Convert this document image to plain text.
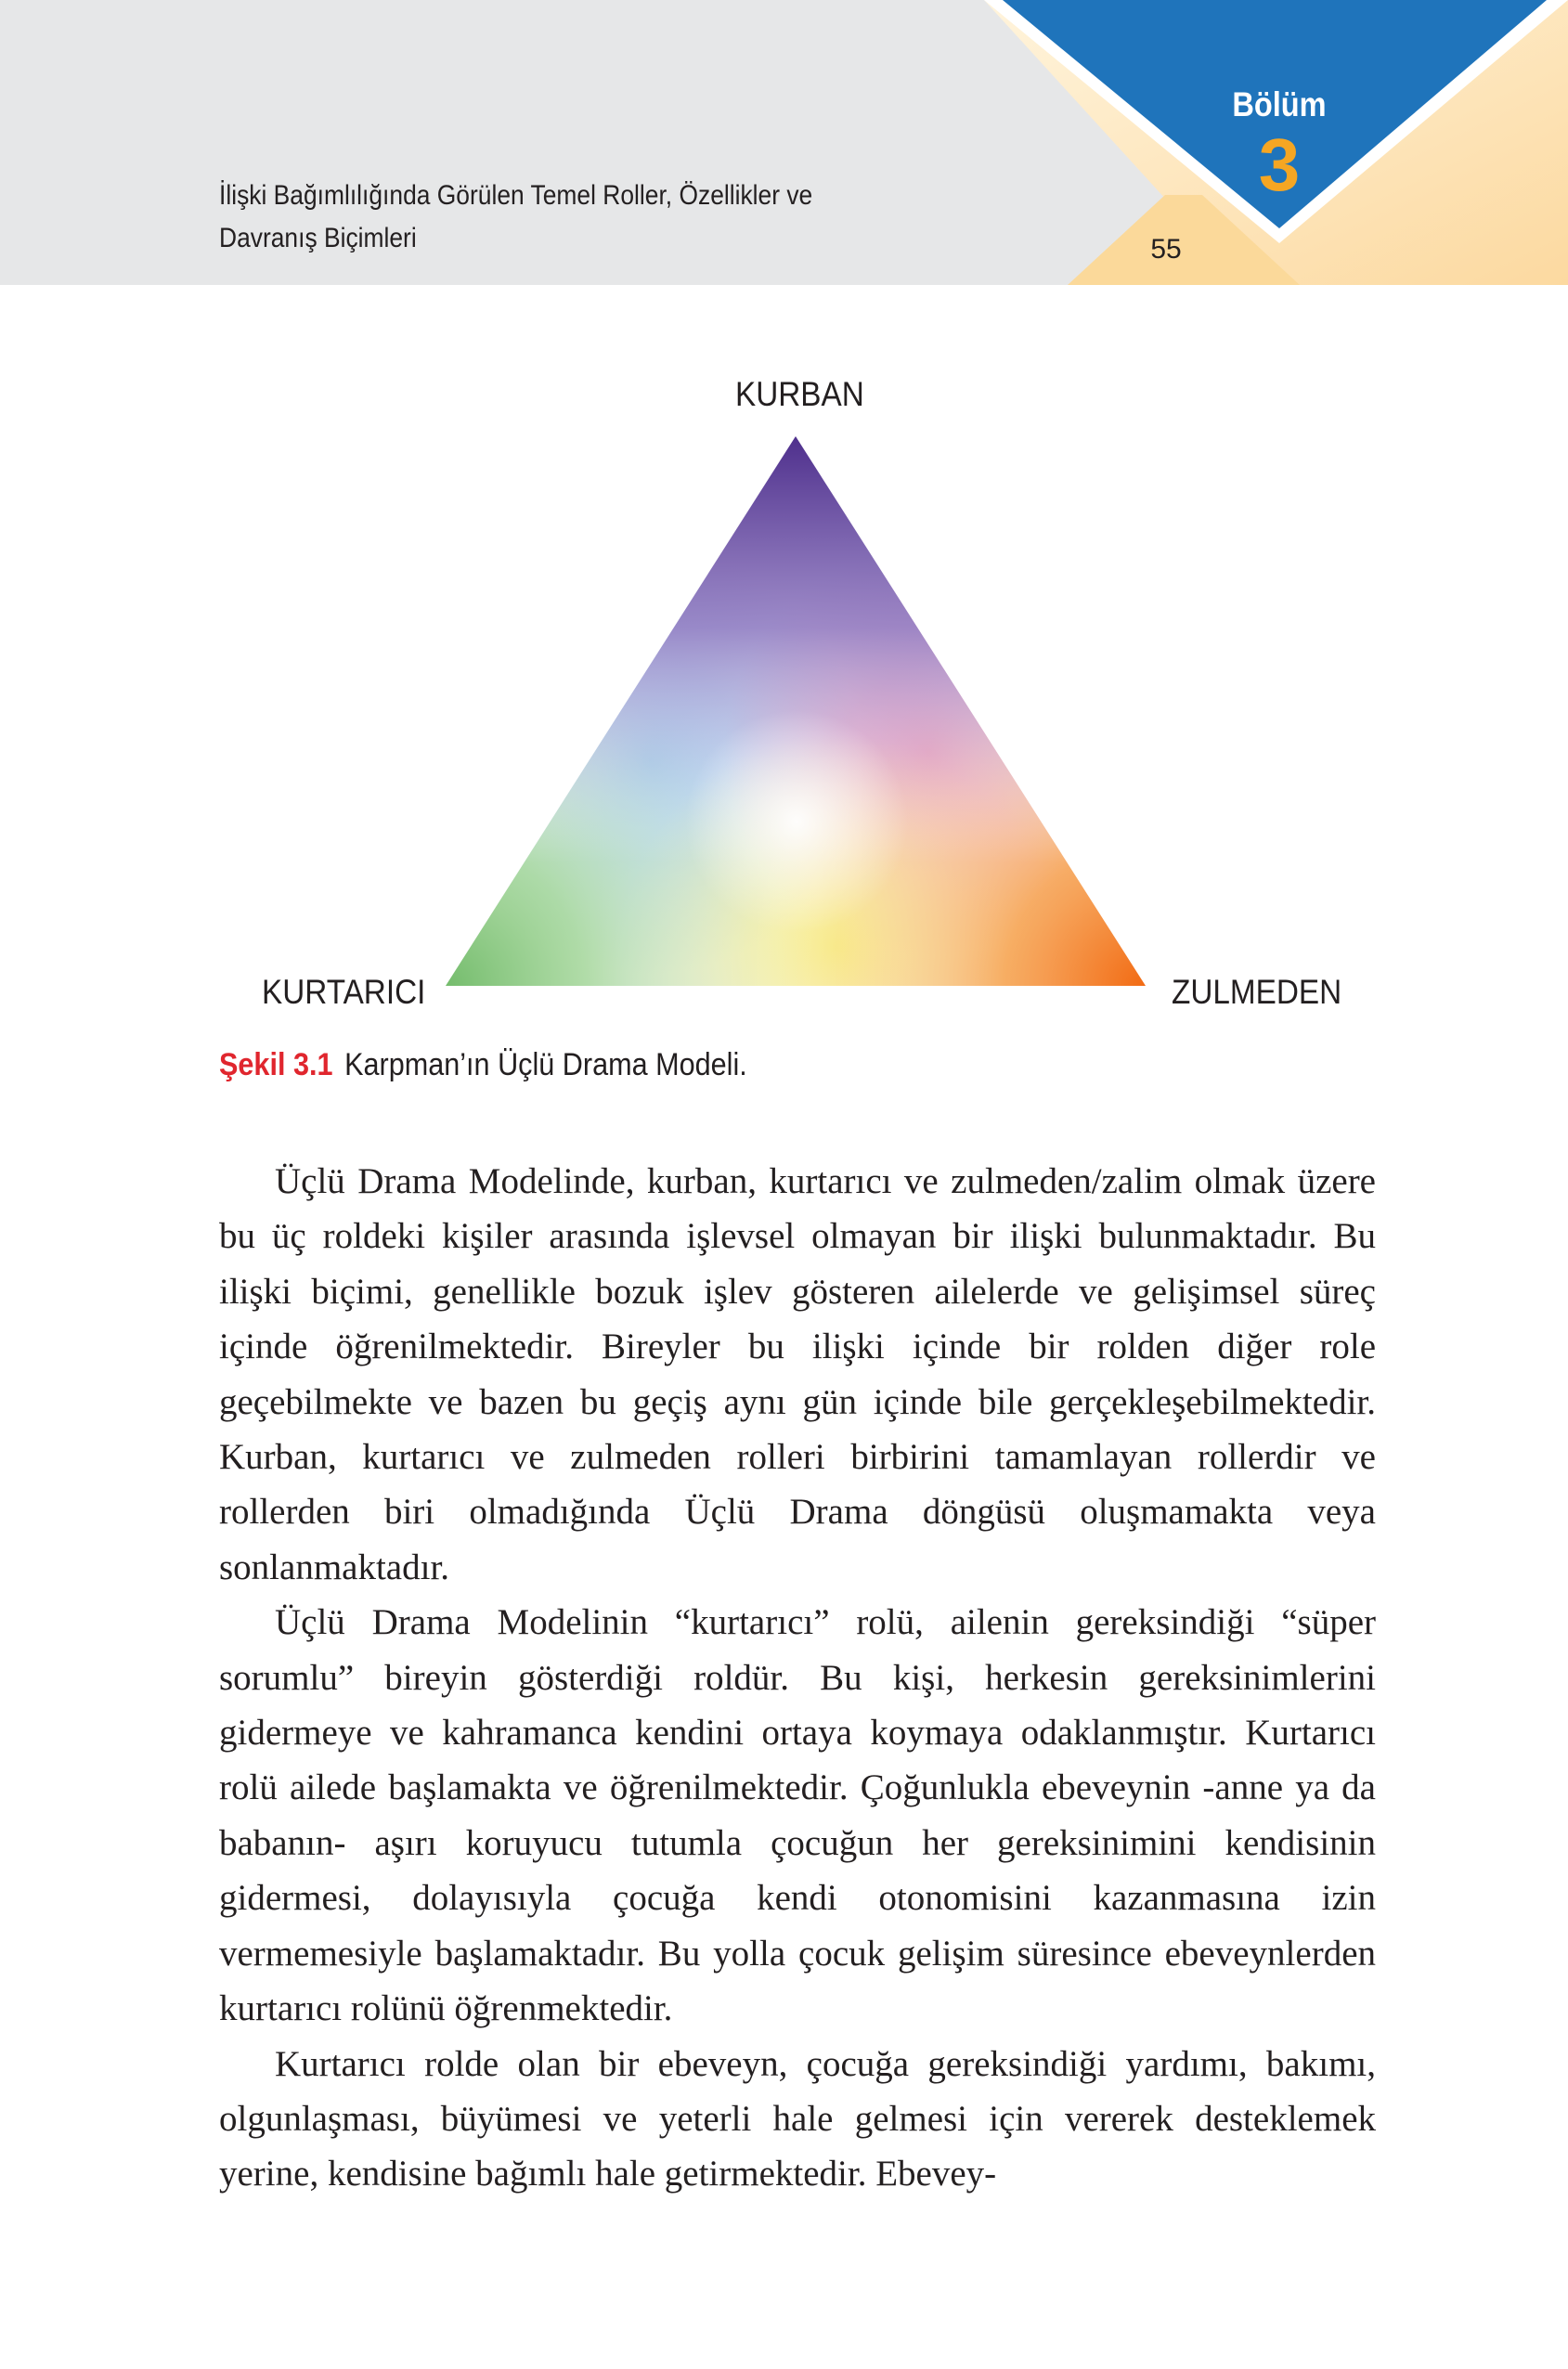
İlişki Bağımlılığında Görülen Temel Roller, Özellikler ve
Davranış Biçimleri
Bölüm
3
55
KURBAN
KURTARICI	ZULMEDEN
Şekil 3.1 Karpman’ın Üçlü Drama Modeli.

Üçlü Drama Modelinde, kurban, kurtarıcı ve zulmeden/zalim olmak üzere bu üç roldeki kişiler arasında işlevsel olmayan bir ilişki bulunmaktadır. Bu ilişki biçimi, genellikle bozuk işlev gösteren ailelerde ve gelişimsel süreç içinde öğrenilmektedir. Bireyler bu ilişki içinde bir rolden diğer role geçebilmekte ve bazen bu geçiş aynı gün içinde bile gerçekleşebilmektedir. Kurban, kurtarıcı ve zulmeden rolleri birbirini tamamlayan rollerdir ve rollerden biri olmadığında Üçlü Drama döngüsü oluşmamakta veya sonlanmaktadır.

Üçlü Drama Modelinin “kurtarıcı” rolü, ailenin gereksindiği “süper sorumlu” bireyin gösterdiği roldür. Bu kişi, herkesin gereksinimlerini gidermeye ve kahramanca kendini ortaya koymaya odaklanmıştır. Kurtarıcı rolü ailede başlamakta ve öğrenilmektedir. Çoğunlukla ebeveynin -anne ya da babanın- aşırı koruyucu tutumla çocuğun her gereksinimini kendisinin gidermesi, dolayısıyla çocuğa kendi otonomisini kazanmasına izin vermemesiyle başlamaktadır. Bu yolla çocuk gelişim süresince ebeveynlerden kurtarıcı rolünü öğrenmektedir.

Kurtarıcı rolde olan bir ebeveyn, çocuğa gereksindiği yardımı, bakımı, olgunlaşması, büyümesi ve yeterli hale gelmesi için vererek desteklemek yerine, kendisine bağımlı hale getirmektedir. Ebevey-
